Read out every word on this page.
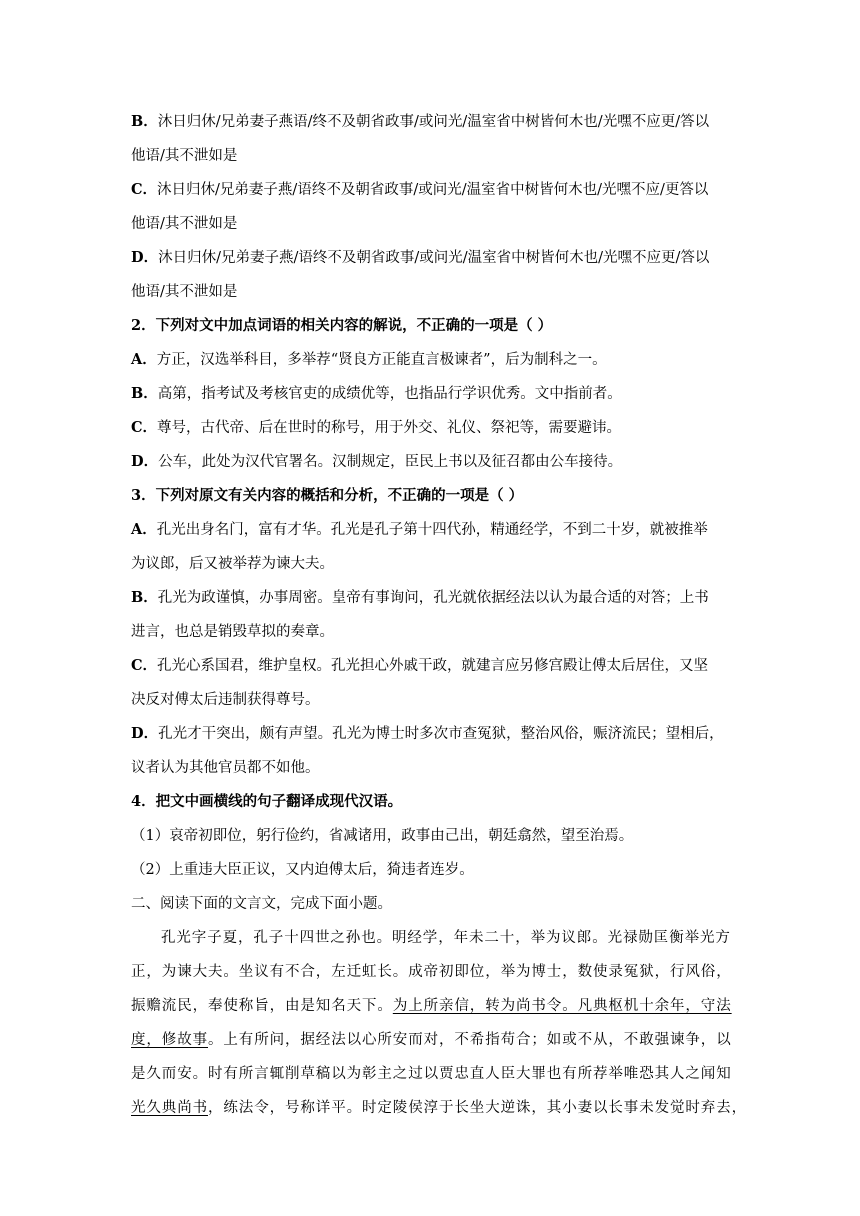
B．沐日归休/兄弟妻子燕语/终不及朝省政事/或问光/温室省中树皆何木也/光嘿不应更/答以
他语/其不泄如是
C．沐日归休/兄弟妻子燕/语终不及朝省政事/或问光/温室省中树皆何木也/光嘿不应/更答以
他语/其不泄如是
D．沐日归休/兄弟妻子燕/语终不及朝省政事/或问光/温室省中树皆何木也/光嘿不应更/答以
他语/其不泄如是
2．下列对文中加点词语的相关内容的解说，不正确的一项是（ ）
A．方正，汉选举科目，多举荐“贤良方正能直言极谏者”，后为制科之一。
B．高第，指考试及考核官吏的成绩优等，也指品行学识优秀。文中指前者。
C．尊号，古代帝、后在世时的称号，用于外交、礼仪、祭祀等，需要避讳。
D．公车，此处为汉代官署名。汉制规定，臣民上书以及征召都由公车接待。
3．下列对原文有关内容的概括和分析，不正确的一项是（ ）
A．孔光出身名门，富有才华。孔光是孔子第十四代孙，精通经学，不到二十岁，就被推举
为议郎，后又被举荐为谏大夫。
B．孔光为政谨慎，办事周密。皇帝有事询问，孔光就依据经法以认为最合适的对答；上书
进言，也总是销毁草拟的奏章。
C．孔光心系国君，维护皇权。孔光担心外戚干政，就建言应另修宫殿让傅太后居住，又坚
决反对傅太后违制获得尊号。
D．孔光才干突出，颇有声望。孔光为博士时多次市查冤狱，整治风俗，赈济流民；望相后，
议者认为其他官员都不如他。
4．把文中画横线的句子翻译成现代汉语。
（1）哀帝初即位，躬行俭约，省减诸用，政事由己出，朝廷翕然，望至治焉。
（2）上重违大臣正议，又内迫傅太后，猗违者连岁。
二、阅读下面的文言文，完成下面小题。
孔光字子夏，孔子十四世之孙也。明经学，年未二十，举为议郎。光禄勋匡衡举光方
正，为谏大夫。坐议有不合，左迁虹长。成帝初即位，举为博士，数使录冤狱，行风俗，
振赡流民，奉使称旨，由是知名天下。为上所亲信，转为尚书令。凡典枢机十余年，守法
度，修故事。上有所问，据经法以心所安而对，不希指苟合；如或不从，不敢强谏争，以
是久而安。时有所言辄削草稿以为彰主之过以贾忠直人臣大罪也有所荐举唯恐其人之闻知
光久典尚书，练法令，号称详平。时定陵侯淳于长坐大逆诛，其小妻以长事未发觉时弃去，
